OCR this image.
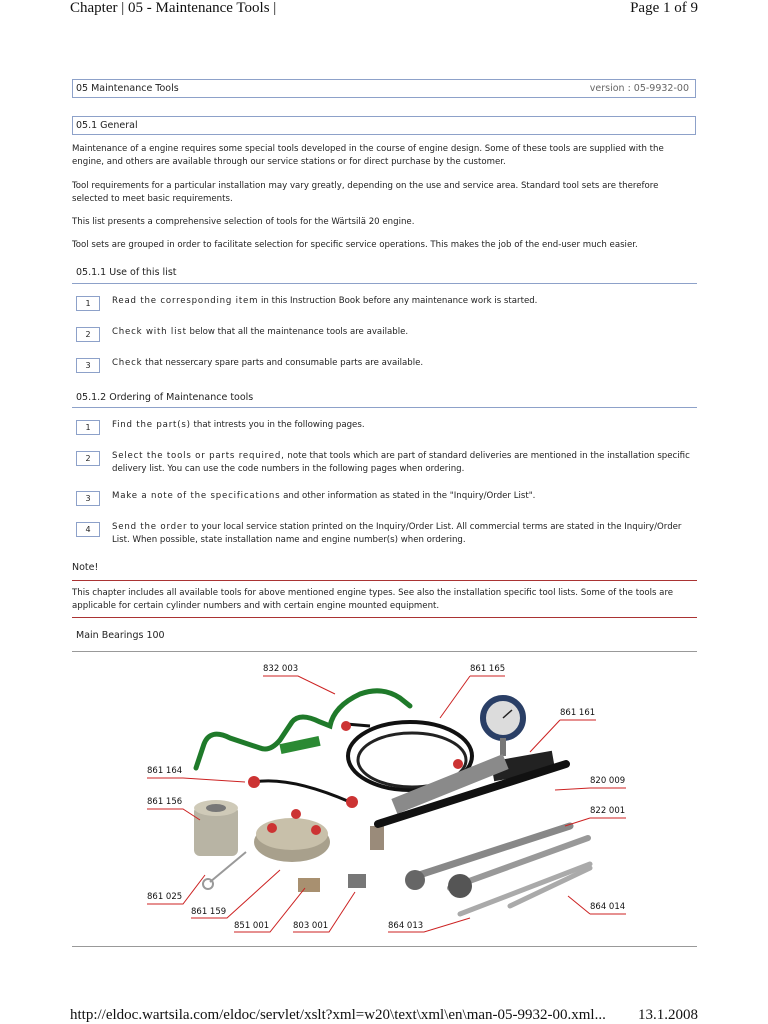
Chapter | 05 - Maintenance Tools |	Page 1 of 9
05 Maintenance Tools	version : 05-9932-00
05.1 General
Maintenance of a engine requires some special tools developed in the course of engine design. Some of these tools are supplied with the engine, and others are available through our service stations or for direct purchase by the customer.
Tool requirements for a particular installation may vary greatly, depending on the use and service area. Standard tool sets are therefore selected to meet basic requirements.
This list presents a comprehensive selection of tools for the Wärtsilä 20 engine.
Tool sets are grouped in order to facilitate selection for specific service operations. This makes the job of the end-user much easier.
05.1.1 Use of this list
1	Read the corresponding item in this Instruction Book before any maintenance work is started.
2	Check with list below that all the maintenance tools are available.
3	Check that nessercary spare parts and consumable parts are available.
05.1.2 Ordering of Maintenance tools
1	Find the part(s) that intrests you in the following pages.
2	Select the tools or parts required, note that tools which are part of standard deliveries are mentioned in the installation specific delivery list. You can use the code numbers in the following pages when ordering.
3	Make a note of the specifications and other information as stated in the "Inquiry/Order List".
4	Send the order to your local service station printed on the Inquiry/Order List. All commercial terms are stated in the Inquiry/Order List. When possible, state installation name and engine number(s) when ordering.
Note!
This chapter includes all available tools for above mentioned engine types. See also the installation specific tool lists. Some of the tools are applicable for certain cylinder numbers and with certain engine mounted equipment.
Main Bearings 100
832 003	861 165
861 161
861 164
820 009
861 156
822 001
861 025
861 159
851 001	803 001	864 013
864 014
http://eldoc.wartsila.com/eldoc/servlet/xslt?xml=w20\text\xml\en\man-05-9932-00.xml... 13.1.2008
